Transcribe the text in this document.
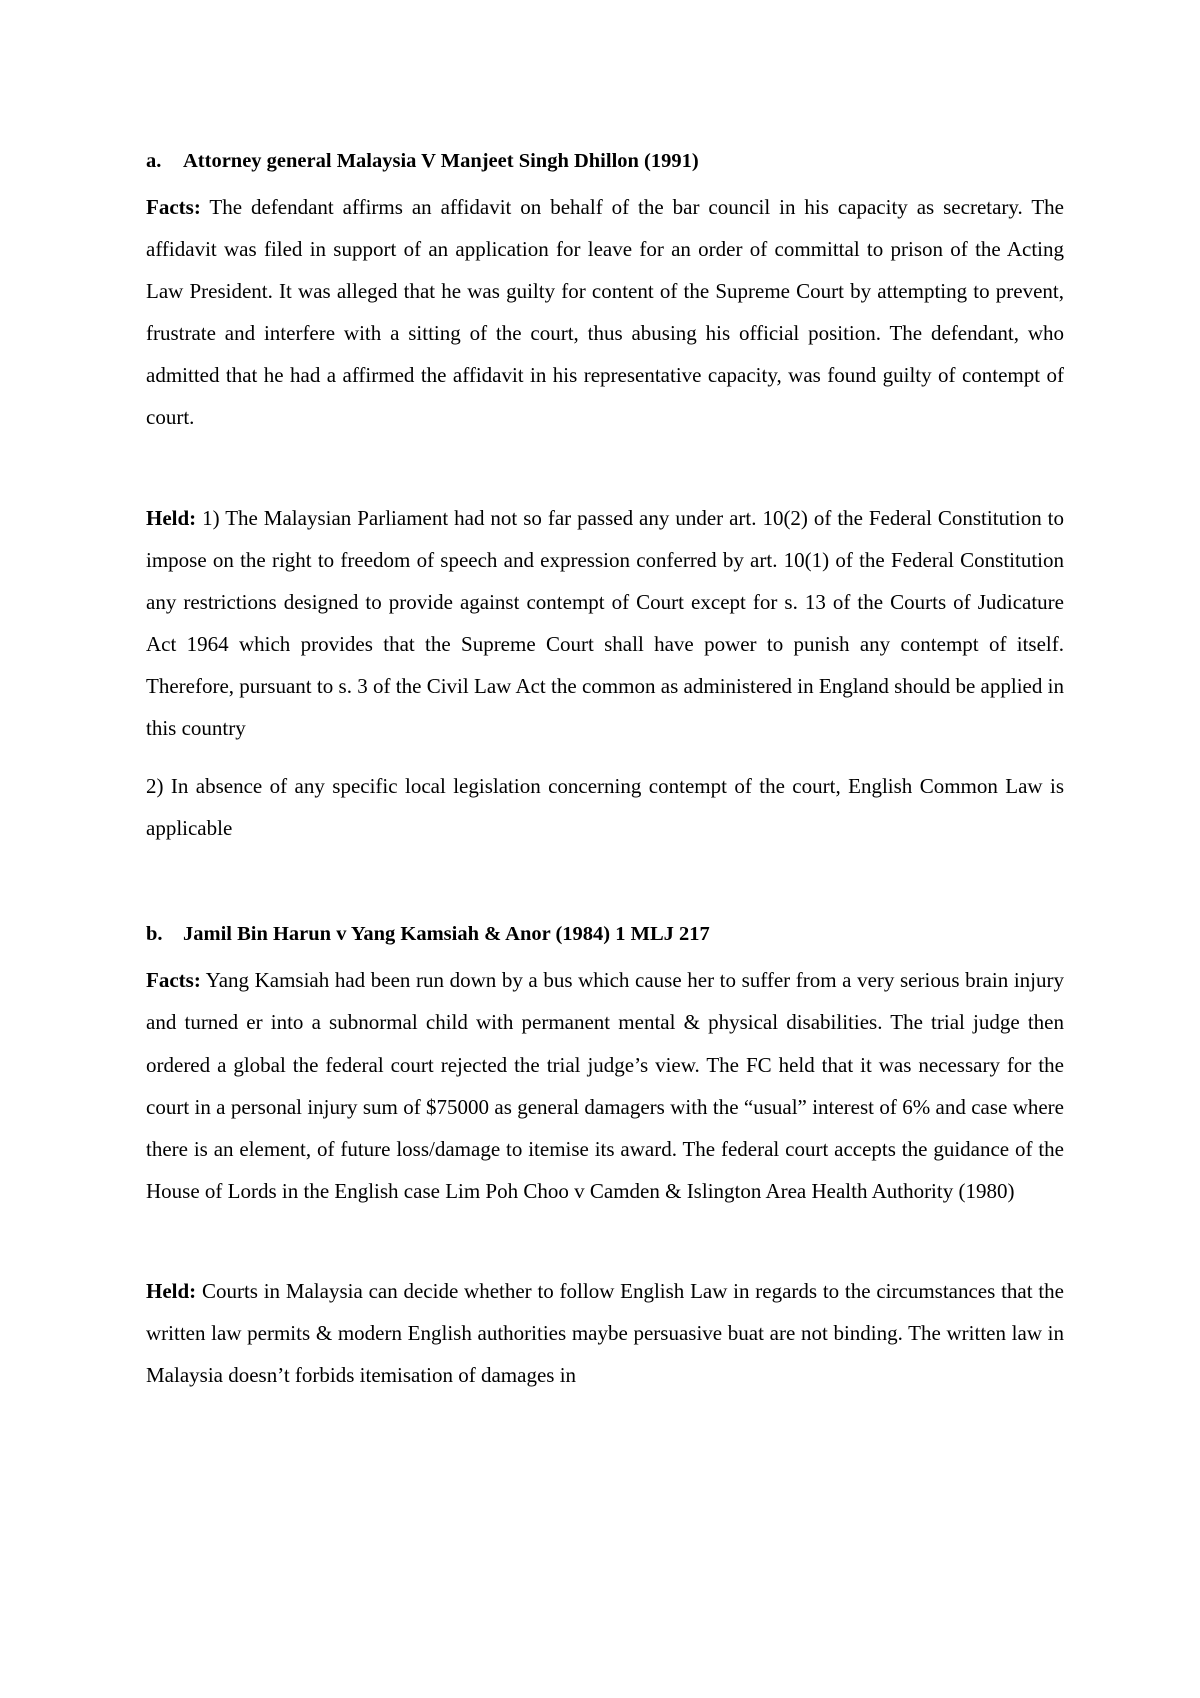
a. Attorney general Malaysia V Manjeet Singh Dhillon (1991)

Facts: The defendant affirms an affidavit on behalf of the bar council in his capacity as secretary. The affidavit was filed in support of an application for leave for an order of committal to prison of the Acting Law President. It was alleged that he was guilty for content of the Supreme Court by attempting to prevent, frustrate and interfere with a sitting of the court, thus abusing his official position. The defendant, who admitted that he had a affirmed the affidavit in his representative capacity, was found guilty of contempt of court.

Held: 1) The Malaysian Parliament had not so far passed any under art. 10(2) of the Federal Constitution to impose on the right to freedom of speech and expression conferred by art. 10(1) of the Federal Constitution any restrictions designed to provide against contempt of Court except for s. 13 of the Courts of Judicature Act 1964 which provides that the Supreme Court shall have power to punish any contempt of itself. Therefore, pursuant to s. 3 of the Civil Law Act the common as administered in England should be applied in this country

2) In absence of any specific local legislation concerning contempt of the court, English Common Law is applicable

b. Jamil Bin Harun v Yang Kamsiah & Anor (1984) 1 MLJ 217

Facts: Yang Kamsiah had been run down by a bus which cause her to suffer from a very serious brain injury and turned er into a subnormal child with permanent mental & physical disabilities. The trial judge then ordered a global the federal court rejected the trial judge’s view. The FC held that it was necessary for the court in a personal injury sum of $75000 as general damagers with the “usual” interest of 6% and case where there is an element, of future loss/damage to itemise its award. The federal court accepts the guidance of the House of Lords in the English case Lim Poh Choo v Camden & Islington Area Health Authority (1980)

Held: Courts in Malaysia can decide whether to follow English Law in regards to the circumstances that the written law permits & modern English authorities maybe persuasive buat are not binding. The written law in Malaysia doesn’t forbids itemisation of damages in
